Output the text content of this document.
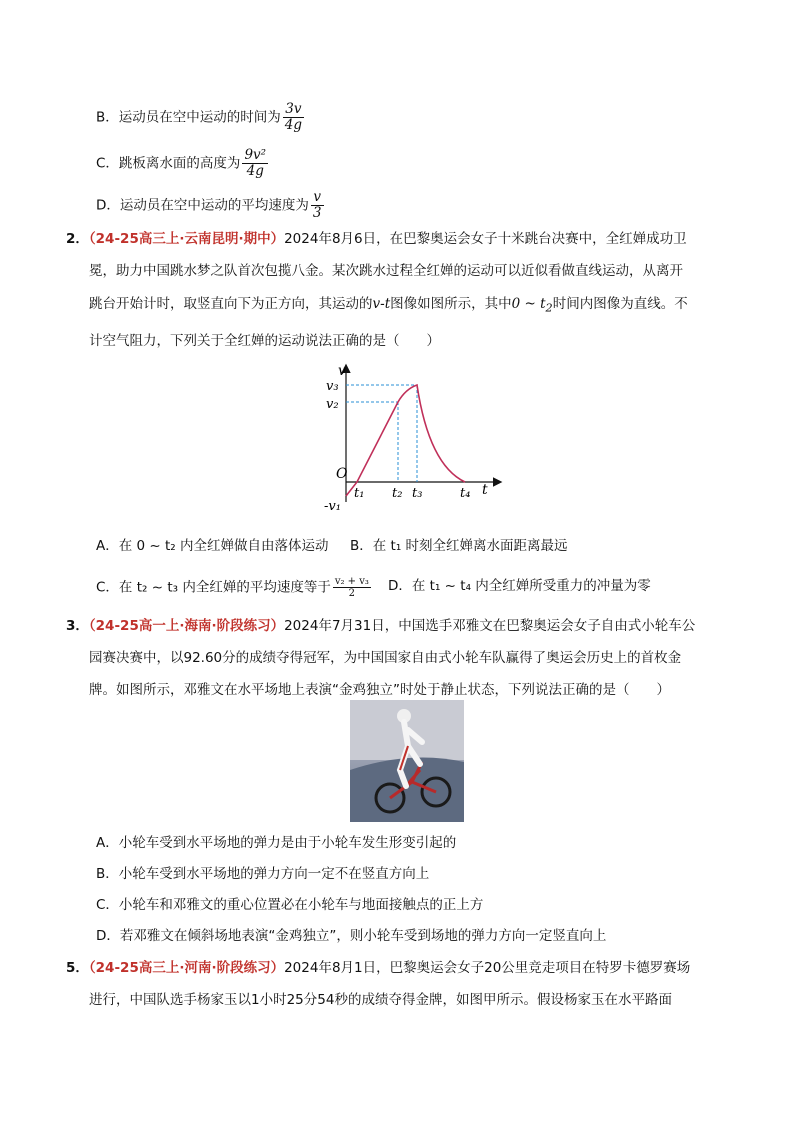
B．运动员在空中运动的时间为 $\frac{3v}{4g}$
C．跳板离水面的高度为 $\frac{\text{9v²}}{4g}$
D．运动员在空中运动的平均速度为 $\frac{v}{3}$
2．（24-25高三上·云南昆明·期中）2024年8月6日，在巴黎奥运会女子十米跳台决赛中，全红婵成功卫
冕，助力中国跳水梦之队首次包揽八金。某次跳水过程全红婵的运动可以近似看做直线运动，从离开
跳台开始计时，取竖直向下为正方向，其运动的v-t图像如图所示，其中0 ~ $t_2$时间内图像为直线。不
计空气阻力，下列关于全红婵的运动说法正确的是（　　）
O
-v₁
v₃
v₂
v
t
t₁ t₂ t₃	t₄
A．在 0 ~ t₂ 内全红婵做自由落体运动 B．在 t₁ 时刻全红婵离水面距离最远
C．在 t₂ ~ t₃ 内全红婵的平均速度等于 $\frac{\text{v₂ + v₃}}{2}$ D．在 t₁ ~ t₄ 内全红婵所受重力的冲量为零
3．（24-25高一上·海南·阶段练习）2024年7月31日，中国选手邓雅文在巴黎奥运会女子自由式小轮车公
园赛决赛中，以92.60分的成绩夺得冠军，为中国国家自由式小轮车队赢得了奥运会历史上的首枚金
牌。如图所示，邓雅文在水平场地上表演“金鸡独立”时处于静止状态，下列说法正确的是（　　）
A．小轮车受到水平场地的弹力是由于小轮车发生形变引起的
B．小轮车受到水平场地的弹力方向一定不在竖直方向上
C．小轮车和邓雅文的重心位置必在小轮车与地面接触点的正上方
D．若邓雅文在倾斜场地表演“金鸡独立”，则小轮车受到场地的弹力方向一定竖直向上
5．（24-25高三上·河南·阶段练习）2024年8月1日，巴黎奥运会女子20公里竞走项目在特罗卡德罗赛场
进行，中国队选手杨家玉以1小时25分54秒的成绩夺得金牌，如图甲所示。假设杨家玉在水平路面
